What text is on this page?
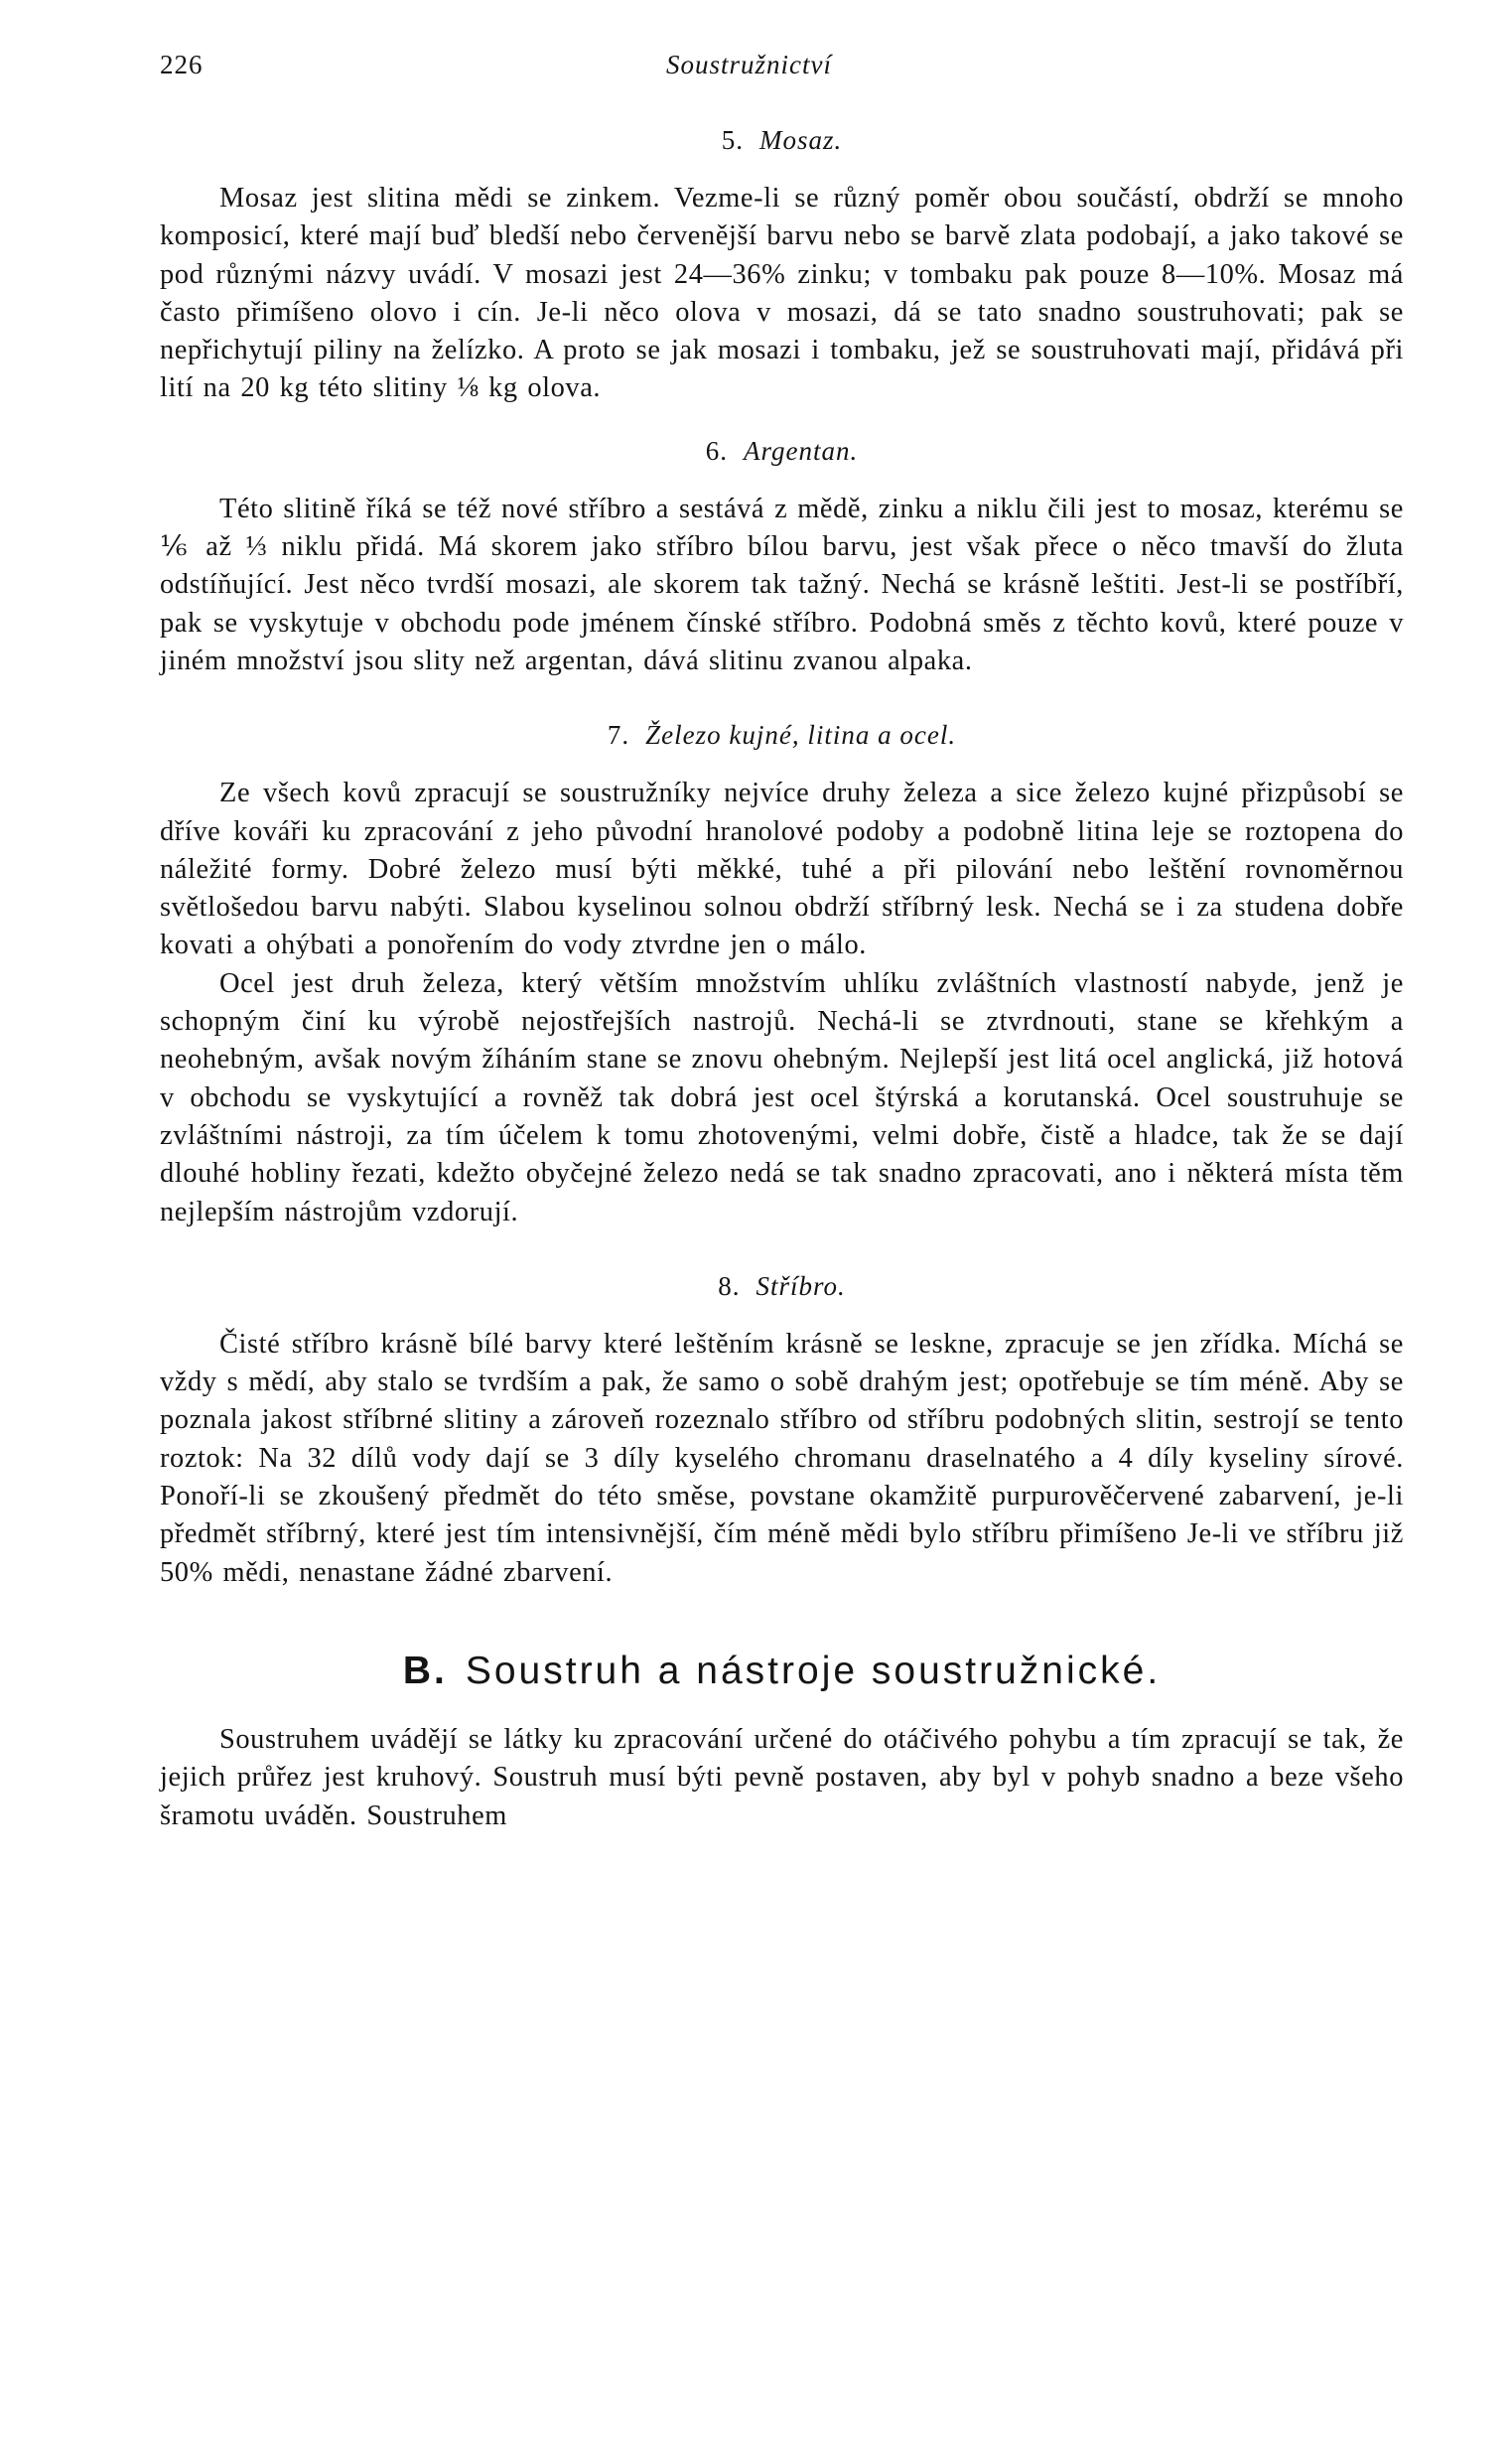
226	Soustružnictví
5. Mosaz.

Mosaz jest slitina mědi se zinkem. Vezme-li se různý poměr obou součástí, obdrží se mnoho komposicí, které mají buď bledší nebo červenější barvu nebo se barvě zlata podobají, a jako takové se pod různými názvy uvádí. V mosazi jest 24—36% zinku; v tombaku pak pouze 8—10%. Mosaz má často přimíšeno olovo i cín. Je-li něco olova v mosazi, dá se tato snadno soustruhovati; pak se nepřichytují piliny na želízko. A proto se jak mosazi i tombaku, jež se soustruhovati mají, přidává při lití na 20 kg této slitiny ⅛ kg olova.

6. Argentan.

Této slitině říká se též nové stříbro a sestává z mědě, zinku a niklu čili jest to mosaz, kterému se ⅙ až ⅓ niklu přidá. Má skorem jako stříbro bílou barvu, jest však přece o něco tmavší do žluta odstíňující. Jest něco tvrdší mosazi, ale skorem tak tažný. Nechá se krásně leštiti. Jest-li se postříbří, pak se vyskytuje v obchodu pode jménem čínské stříbro. Podobná směs z těchto kovů, které pouze v jiném množství jsou slity než argentan, dává slitinu zvanou alpaka.

7. Železo kujné, litina a ocel.

Ze všech kovů zpracují se soustružníky nejvíce druhy železa a sice železo kujné přizpůsobí se dříve kováři ku zpracování z jeho původní hranolové podoby a podobně litina leje se roztopena do náležité formy. Dobré železo musí býti měkké, tuhé a při pilování nebo leštění rovnoměrnou světlošedou barvu nabýti. Slabou kyselinou solnou obdrží stříbrný lesk. Nechá se i za studena dobře kovati a ohýbati a ponořením do vody ztvrdne jen o málo.

Ocel jest druh železa, který větším množstvím uhlíku zvláštních vlastností nabyde, jenž je schopným činí ku výrobě nejostřejších nastrojů. Nechá-li se ztvrdnouti, stane se křehkým a neohebným, avšak novým žíháním stane se znovu ohebným. Nejlepší jest litá ocel anglická, již hotová v obchodu se vyskytující a rovněž tak dobrá jest ocel štýrská a korutanská. Ocel soustruhuje se zvláštními nástroji, za tím účelem k tomu zhotovenými, velmi dobře, čistě a hladce, tak že se dají dlouhé hobliny řezati, kdežto obyčejné železo nedá se tak snadno zpracovati, ano i některá místa těm nejlepším nástrojům vzdorují.

8. Stříbro.

Čisté stříbro krásně bílé barvy které leštěním krásně se leskne, zpracuje se jen zřídka. Míchá se vždy s mědí, aby stalo se tvrdším a pak, že samo o sobě drahým jest; opotřebuje se tím méně. Aby se poznala jakost stříbrné slitiny a zároveň rozeznalo stříbro od stříbru podobných slitin, sestrojí se tento roztok: Na 32 dílů vody dají se 3 díly kyselého chromanu draselnatého a 4 díly kyseliny sírové. Ponoří-li se zkoušený předmět do této směse, povstane okamžitě purpurověčervené zabarvení, je-li předmět stříbrný, které jest tím intensivnější, čím méně mědi bylo stříbru přimíšeno Je-li ve stříbru již 50% mědi, nenastane žádné zbarvení.

B. Soustruh a nástroje soustružnické.

Soustruhem uvádějí se látky ku zpracování určené do otáčivého pohybu a tím zpracují se tak, že jejich průřez jest kruhový. Soustruh musí býti pevně postaven, aby byl v pohyb snadno a beze všeho šramotu uváděn. Soustruhem
